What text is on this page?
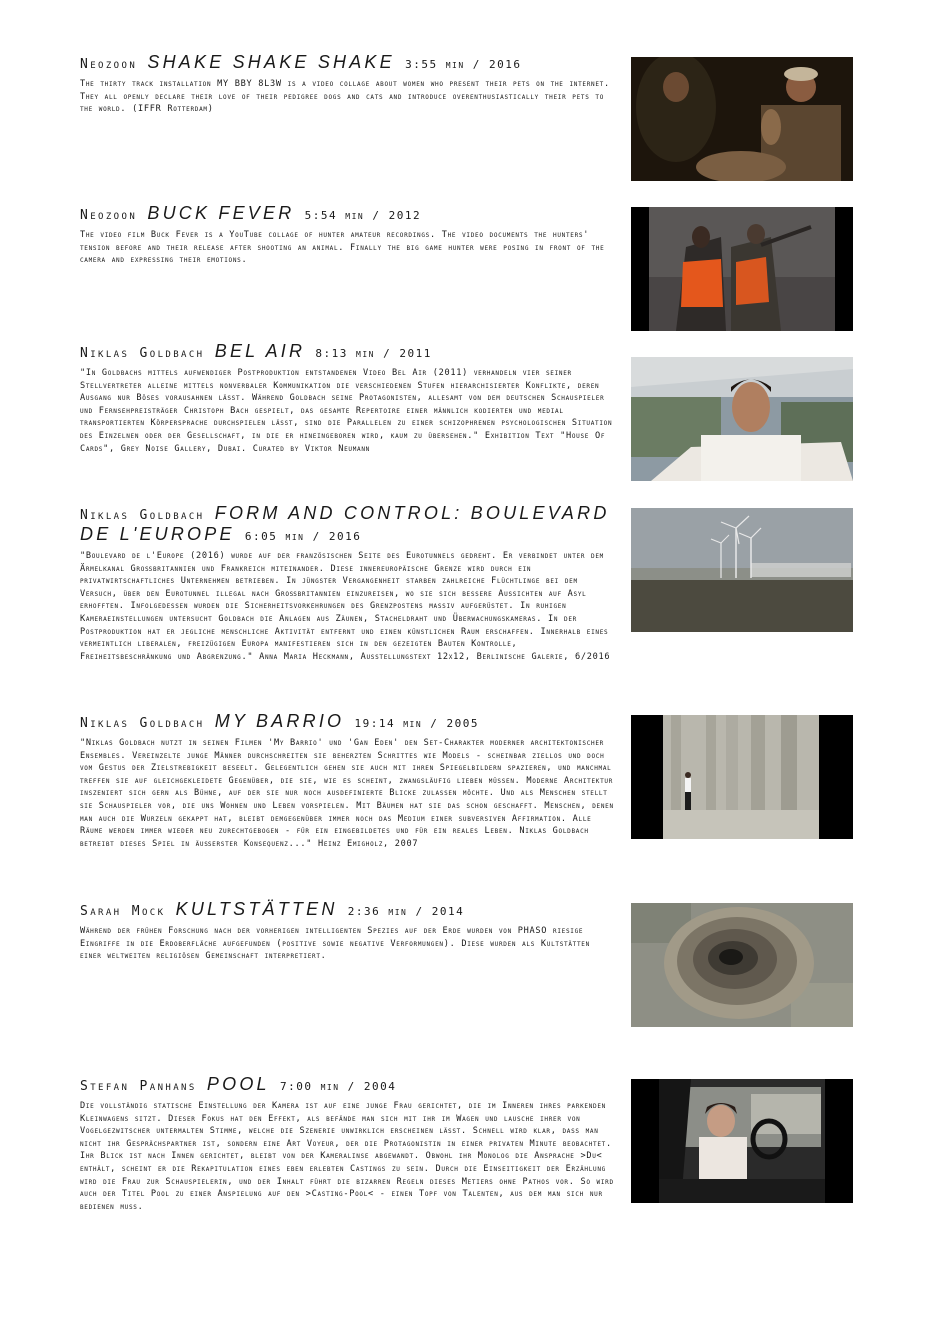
Neozoon SHAKE SHAKE SHAKE 3:55 min / 2016
The thirty track installation MY BBY 8L3W is a video collage about women who present their pets on the internet. They all openly declare their love of their pedigree dogs and cats and introduce overenthusiastically their pets to the world. (IFFR Rotterdam)
Neozoon BUCK FEVER 5:54 min / 2012
The video film Buck Fever is a YouTube collage of hunter amateur recordings. The video documents the hunters' tension before and their release after shooting an animal. Finally the big game hunter were posing in front of the camera and expressing their emotions.
Niklas Goldbach BEL AIR 8:13 min / 2011
"In Goldbachs mittels aufwendiger Postproduktion entstandenen Video Bel Air (2011) verhandeln vier seiner Stellvertreter alleine mittels nonverbaler Kommunikation die verschiedenen Stufen hierarchisierter Konflikte, deren Ausgang nur Böses vorausahnen lässt. Während Goldbach seine Protagonisten, allesamt von dem deutschen Schauspieler und Fernsehpreisträger Christoph Bach gespielt, das gesamte Repertoire einer männlich kodierten und medial transportierten Körpersprache durchspielen lässt, sind die Parallelen zu einer schizophrenen psychologischen Situation des Einzelnen oder der Gesellschaft, in die er hineingeboren wird, kaum zu übersehen." Exhibition Text "House Of Cards", Grey Noise Gallery, Dubai. Curated by Viktor Neumann
Niklas Goldbach FORM AND CONTROL: BOULEVARD DE L'EUROPE 6:05 min / 2016
"Boulevard de l'Europe (2016) wurde auf der französischen Seite des Eurotunnels gedreht. Er verbindet unter dem Ärmelkanal Großbritannien und Frankreich miteinander. Diese innereuropäische Grenze wird durch ein privatwirtschaftliches Unternehmen betrieben. In jüngster Vergangenheit starben zahlreiche Flüchtlinge bei dem Versuch, über den Eurotunnel illegal nach Großbritannien einzureisen, wo sie sich bessere Aussichten auf Asyl erhofften. Infolgedessen wurden die Sicherheitsvorkehrungen des Grenzpostens massiv aufgerüstet. In ruhigen Kameraeinstellungen untersucht Goldbach die Anlagen aus Zäunen, Stacheldraht und Überwachungskameras. In der Postproduktion hat er jegliche menschliche Aktivität entfernt und einen künstlichen Raum erschaffen. Innerhalb eines vermeintlich liberalen, freizügigen Europa manifestieren sich in den gezeigten Bauten Kontrolle, Freiheitsbeschränkung und Abgrenzung." Anna Maria Heckmann, Ausstellungstext 12x12, Berlinische Galerie, 6/2016
Niklas Goldbach MY BARRIO 19:14 min / 2005
"Niklas Goldbach nutzt in seinen Filmen 'My Barrio' und 'Gan Eden' den Set-Charakter moderner architektonischer Ensembles. Vereinzelte junge Männer durchschreiten sie beherzten Schrittes wie Models - scheinbar ziellos und doch vom Gestus der Zielstrebigkeit beseelt. Gelegentlich gehen sie auch mit ihren Spiegelbildern spazieren, und manchmal treffen sie auf gleichgekleidete Gegenüber, die sie, wie es scheint, zwangsläufig lieben müssen. Moderne Architektur inszeniert sich gern als Bühne, auf der sie nur noch ausdefinierte Blicke zulassen möchte. Und als Menschen stellt sie Schauspieler vor, die uns Wohnen und Leben vorspielen. Mit Bäumen hat sie das schon geschafft. Menschen, denen man auch die Wurzeln gekappt hat, bleibt demgegenüber immer noch das Medium einer subversiven Affirmation. Alle Räume werden immer wieder neu zurechtgebogen - für ein eingebildetes und für ein reales Leben. Niklas Goldbach betreibt dieses Spiel in äußerster Konsequenz..." Heinz Emigholz, 2007
Sarah Mock KULTSTÄTTEN 2:36 min / 2014
Während der frühen Forschung nach der vorherigen intelligenten Spezies auf der Erde wurden von PHASO riesige Eingriffe in die Erdoberfläche aufgefunden (positive sowie negative Verformungen). Diese wurden als Kultstätten einer weltweiten religiösen Gemeinschaft interpretiert.
Stefan Panhans POOL 7:00 min / 2004
Die vollständig statische Einstellung der Kamera ist auf eine junge Frau gerichtet, die im Inneren ihres parkenden Kleinwagens sitzt. Dieser Fokus hat den Effekt, als befände man sich mit ihr im Wagen und lausche ihrer von Vogelgezwitscher untermalten Stimme, welche die Szenerie unwirklich erscheinen lässt. Schnell wird klar, dass man nicht ihr Gesprächspartner ist, sondern eine Art Voyeur, der die Protagonistin in einer privaten Minute beobachtet. Ihr Blick ist nach Innen gerichtet, bleibt von der Kameralinse abgewandt. Obwohl ihr Monolog die Ansprache >Du< enthält, scheint er die Rekapitulation eines eben erlebten Castings zu sein. Durch die Einseitigkeit der Erzählung wird die Frau zur Schauspielerin, und der Inhalt führt die bizarren Regeln dieses Metiers ohne Pathos vor. So wird auch der Titel Pool zu einer Anspielung auf den >Casting-Pool< - einen Topf von Talenten, aus dem man sich nur bedienen muss.
